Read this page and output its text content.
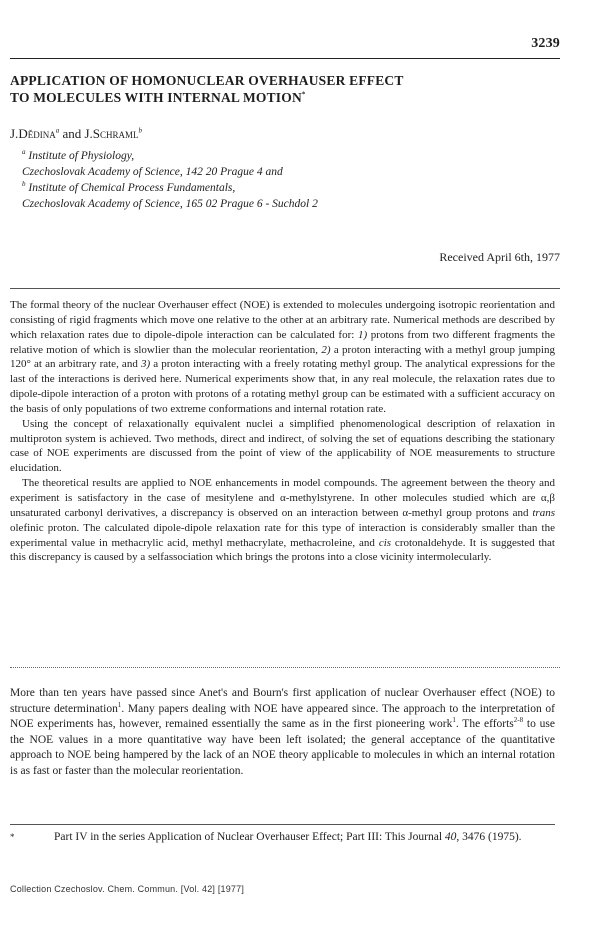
3239
APPLICATION OF HOMONUCLEAR OVERHAUSER EFFECT
TO MOLECULES WITH INTERNAL MOTION*
J.Dědina$^a$ and J.Schraml$^b$
$^a$ Institute of Physiology,
Czechoslovak Academy of Science, 142 20 Prague 4 and
$^b$ Institute of Chemical Process Fundamentals,
Czechoslovak Academy of Science, 165 02 Prague 6 - Suchdol 2
Received April 6th, 1977

The formal theory of the nuclear Overhauser effect (NOE) is extended to molecules undergoing isotropic reorientation and consisting of rigid fragments which move one relative to the other at an arbitrary rate. Numerical methods are described by which relaxation rates due to dipole-dipole interaction can be calculated for: 1) protons from two different fragments the relative motion of which is slowlier than the molecular reorientation, 2) a proton interacting with a methyl group jumping 120° at an arbitrary rate, and 3) a proton interacting with a freely rotating methyl group. The analytical expressions for the last of the interactions is derived here. Numerical experiments show that, in any real molecule, the relaxation rates due to dipole-dipole interaction of a proton with protons of a rotating methyl group can be estimated with a sufficient accuracy on the basis of only populations of two extreme conformations and internal rotation rate.

Using the concept of relaxationally equivalent nuclei a simplified phenomenological description of relaxation in multiproton system is achieved. Two methods, direct and indirect, of solving the set of equations describing the stationary case of NOE experiments are discussed from the point of view of the applicability of NOE measurements to structure elucidation.

The theoretical results are applied to NOE enhancements in model compounds. The agreement between the theory and experiment is satisfactory in the case of mesitylene and α-methylstyrene. In other molecules studied which are α,β unsaturated carbonyl derivatives, a discrepancy is observed on an interaction between α-methyl group protons and trans olefinic proton. The calculated dipole-dipole relaxation rate for this type of interaction is considerably smaller than the experimental value in methacrylic acid, methyl methacrylate, methacroleine, and cis crotonaldehyde. It is suggested that this discrepancy is caused by a selfassociation which brings the protons into a close vicinity intermolecularly.

More than ten years have passed since Anet's and Bourn's first application of nuclear Overhauser effect (NOE) to structure determination$^1$. Many papers dealing with NOE have appeared since. The approach to the interpretation of NOE experiments has, however, remained essentially the same as in the first pioneering work$^1$. The efforts$^{2-8}$ to use the NOE values in a more quantitative way have been left isolated; the general acceptance of the quantitative approach to NOE being hampered by the lack of an NOE theory applicable to molecules in which an internal rotation is as fast or faster than the molecular reorientation.

*	Part IV in the series Application of Nuclear Overhauser Effect; Part III: This Journal 40, 3476 (1975).
Collection Czechoslov. Chem. Commun. [Vol. 42] [1977]
